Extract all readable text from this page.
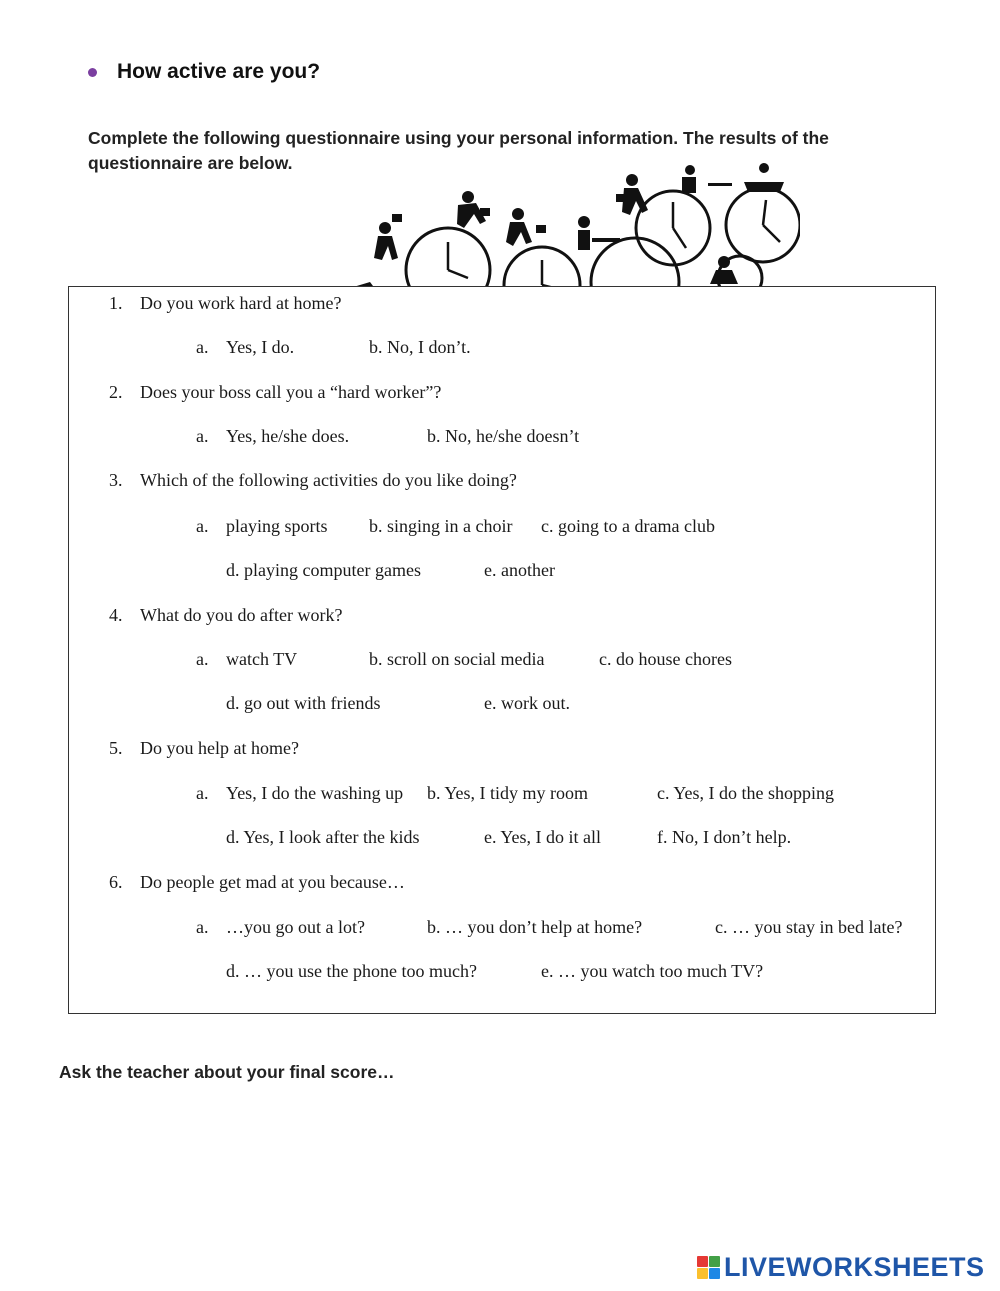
How active are you?
Complete the following questionnaire using your personal information. The results of the questionnaire are below.
1. Do you work hard at home?
a. Yes, I do.	b. No, I don’t.
2. Does your boss call you a “hard worker”?
a. Yes, he/she does.	b. No, he/she doesn’t
3. Which of the following activities do you like doing?
a. playing sports b. singing in a choir c. going to a drama club
d. playing computer games	e. another
4. What do you do after work?
a. watch TV	b. scroll on social media	c. do house chores
d. go out with friends	e. work out.
5. Do you help at home?
a. Yes, I do the washing up b. Yes, I tidy my room	c. Yes, I do the shopping
d. Yes, I look after the kids	e. Yes, I do it all	f. No, I don’t help.
6. Do people get mad at you because…
a. …you go out a lot?	b. … you don’t help at home?	c. … you stay in bed late?
d. … you use the phone too much?	e. … you watch too much TV?
Ask the teacher about your final score…
LIVEWORKSHEETS
